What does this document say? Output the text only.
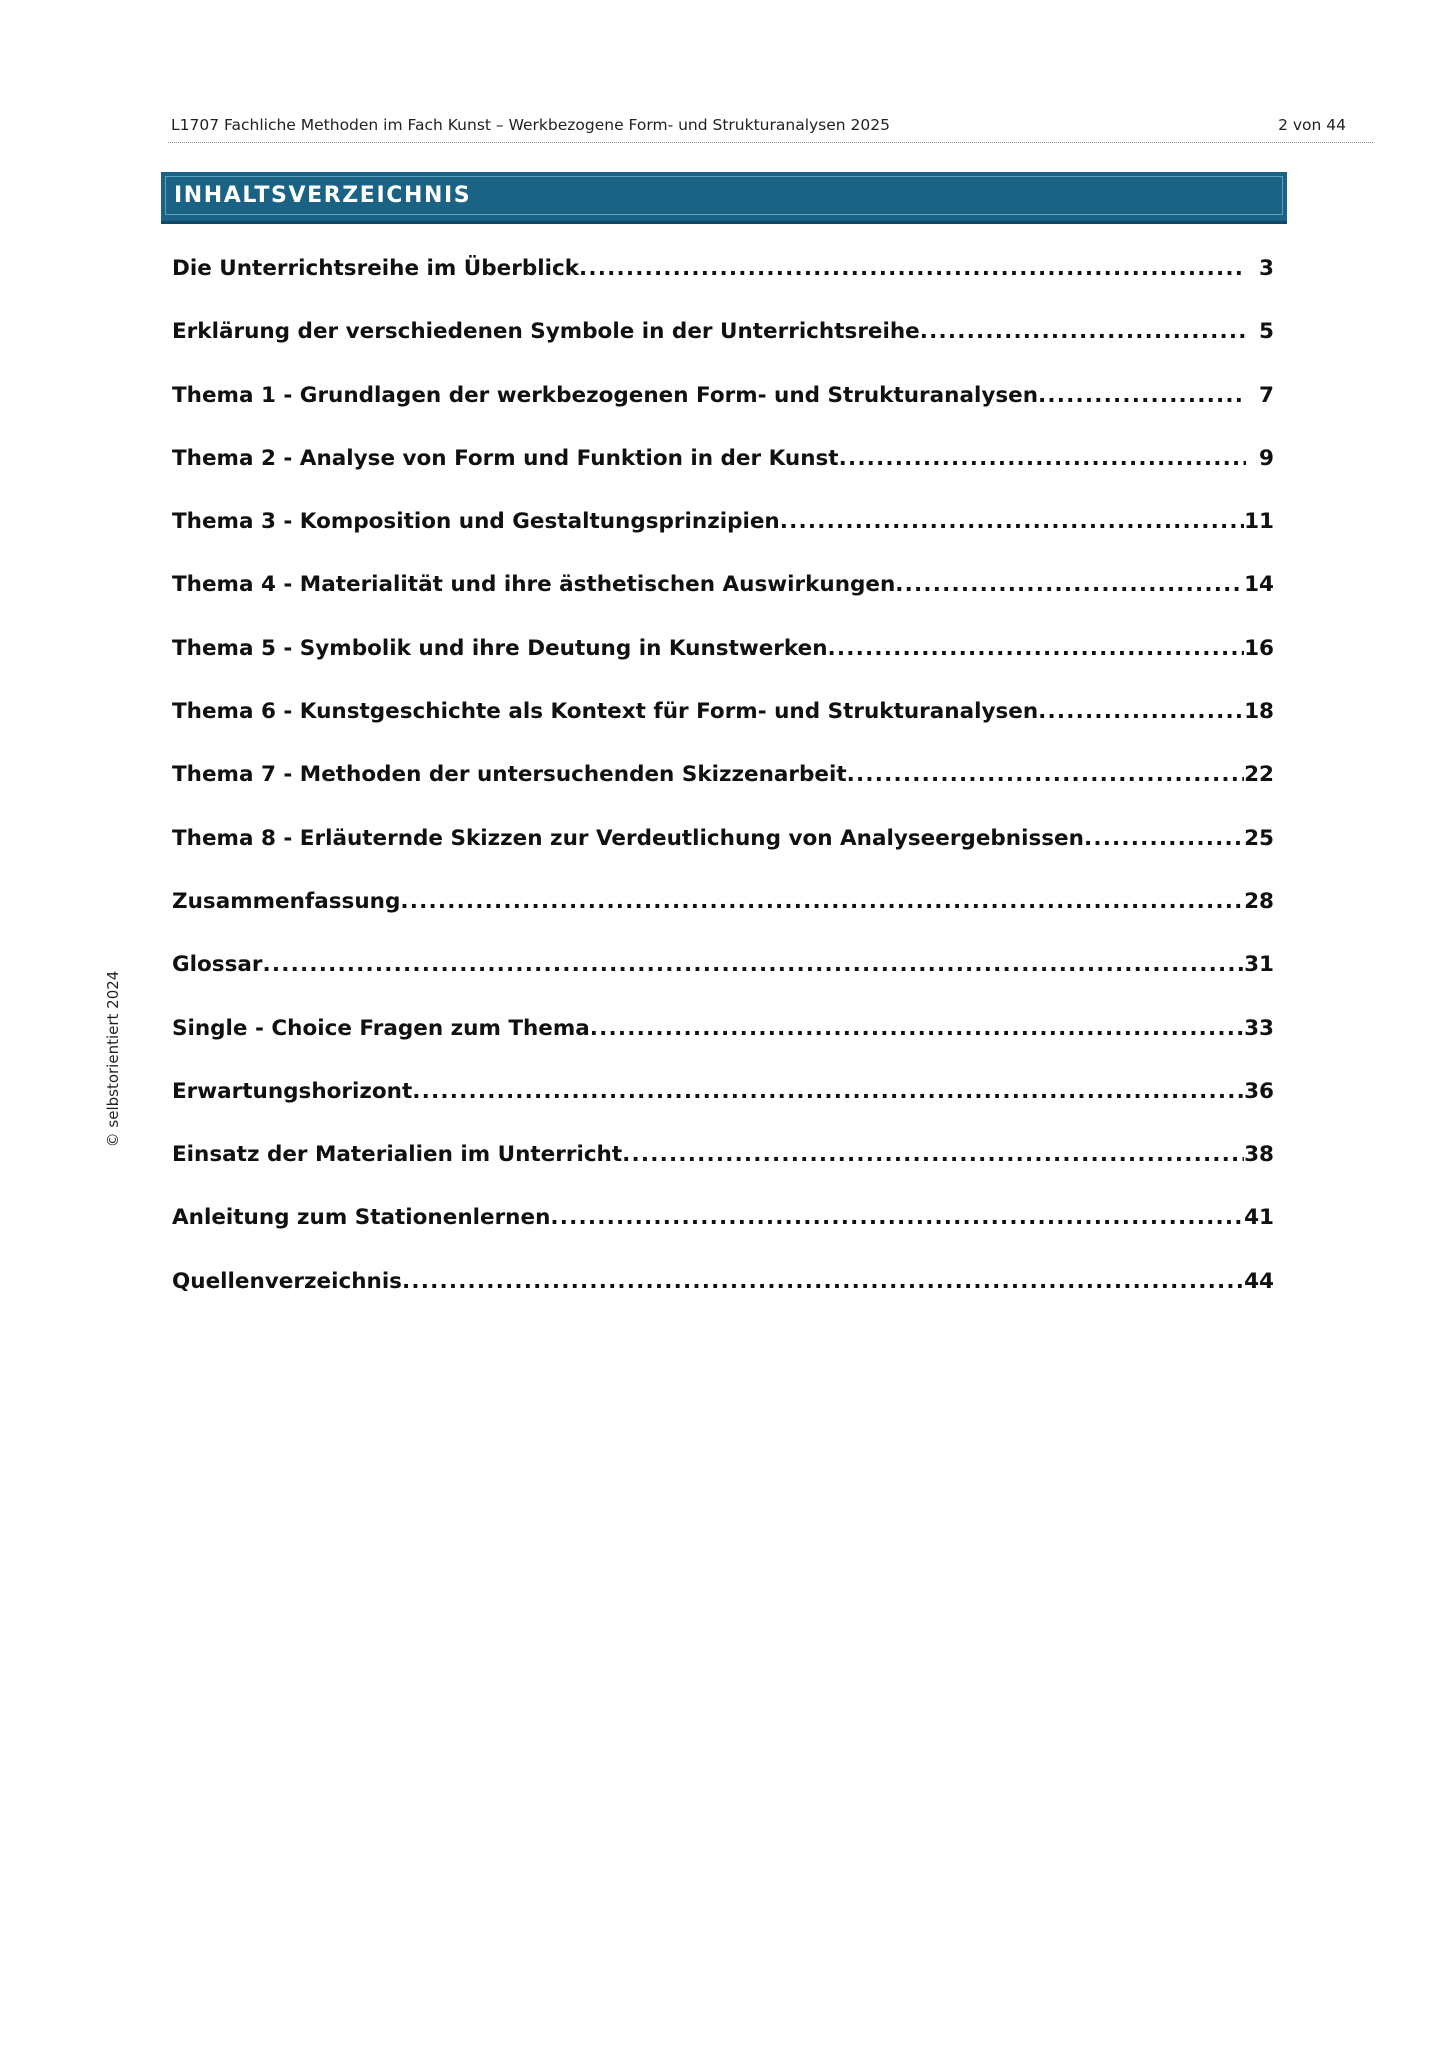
L1707 Fachliche Methoden im Fach Kunst – Werkbezogene Form- und Strukturanalysen 2025	2 von 44
© selbstorientiert 2024
INHALTSVERZEICHNIS
Die Unterrichtsreihe im Überblick .....	3
Erklärung der verschiedenen Symbole in der Unterrichtsreihe .....	5
Thema 1 - Grundlagen der werkbezogenen Form- und Strukturanalysen .....	7
Thema 2 - Analyse von Form und Funktion in der Kunst .....	9
Thema 3 - Komposition und Gestaltungsprinzipien .....	11
Thema 4 - Materialität und ihre ästhetischen Auswirkungen .....	14
Thema 5 - Symbolik und ihre Deutung in Kunstwerken .....	16
Thema 6 - Kunstgeschichte als Kontext für Form- und Strukturanalysen .....	18
Thema 7 - Methoden der untersuchenden Skizzenarbeit .....	22
Thema 8 - Erläuternde Skizzen zur Verdeutlichung von Analyseergebnissen .....	25
Zusammenfassung .....	28
Glossar .....	31
Single - Choice Fragen zum Thema .....	33
Erwartungshorizont .....	36
Einsatz der Materialien im Unterricht .....	38
Anleitung zum Stationenlernen .....	41
Quellenverzeichnis .....	44
